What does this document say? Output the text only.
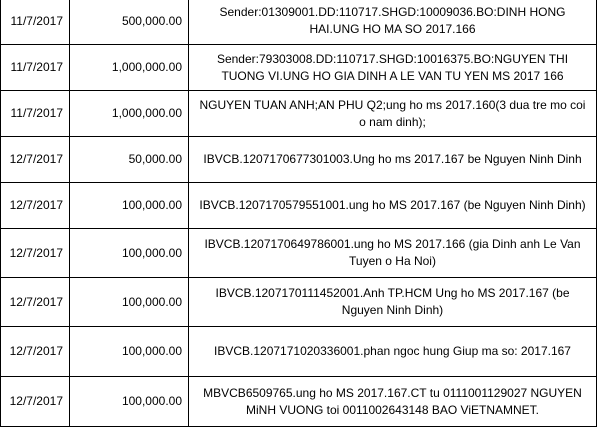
11/7/2017	500,000.00	Sender:01309001.DD:110717.SHGD:10009036.BO:DINH HONG HAI.UNG HO MA SO 2017.166
11/7/2017	1,000,000.00	Sender:79303008.DD:110717.SHGD:10016375.BO:NGUYEN THI TUONG VI.UNG HO GIA DINH A LE VAN TU YEN MS 2017 166
11/7/2017	1,000,000.00	NGUYEN TUAN ANH;AN PHU Q2;ung ho ms 2017.160(3 dua tre mo coi o nam dinh);
12/7/2017	50,000.00	IBVCB.1207170677301003.Ung ho ms 2017.167 be Nguyen Ninh Dinh
12/7/2017	100,000.00	IBVCB.1207170579551001.ung ho MS 2017.167 (be Nguyen Ninh Dinh)
12/7/2017	100,000.00	IBVCB.1207170649786001.ung ho MS 2017.166 (gia Dinh anh Le Van Tuyen o Ha Noi)
12/7/2017	100,000.00	IBVCB.1207170111452001.Anh TP.HCM Ung ho MS 2017.167 (be Nguyen Ninh Dinh)
12/7/2017	100,000.00	IBVCB.1207171020336001.phan ngoc hung Giup ma so: 2017.167
12/7/2017	100,000.00	MBVCB6509765.ung ho MS 2017.167.CT tu 0111001129027 NGUYEN MiNH VUONG toi 0011002643148 BAO ViETNAMNET.
